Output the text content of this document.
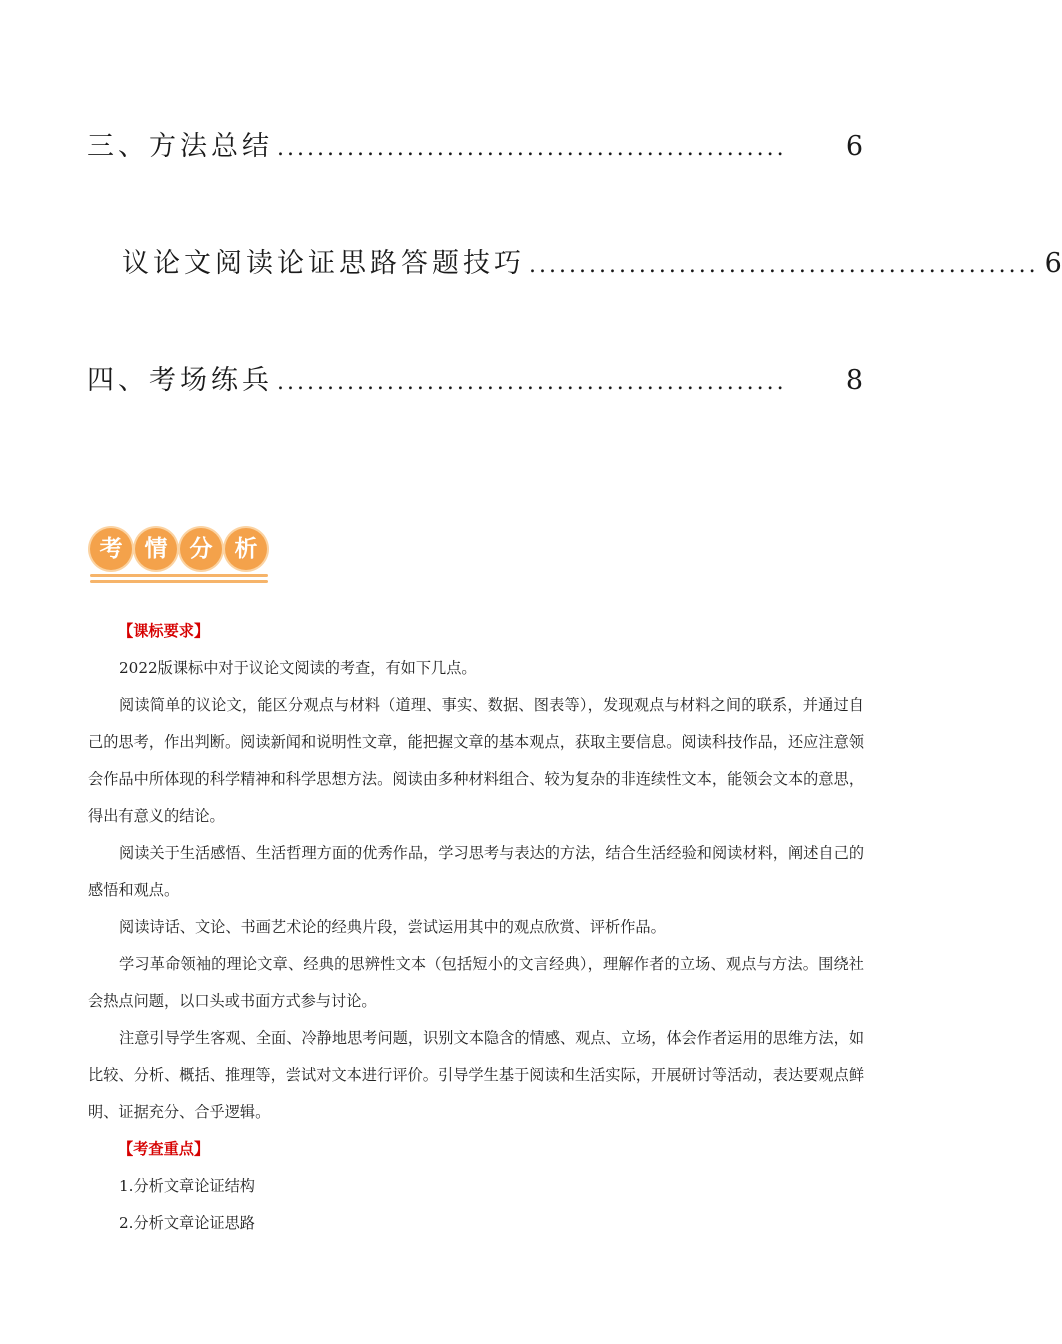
三、方法总结 ...................................................	6
议论文阅读论证思路答题技巧 ................................................... 6
四、考场练兵 ...................................................	8
考 情 分 析

【课标要求】

2022版课标中对于议论文阅读的考查，有如下几点。

阅读简单的议论文，能区分观点与材料（道理、事实、数据、图表等），发现观点与材料之间的联系，并通过自己的思考，作出判断。阅读新闻和说明性文章，能把握文章的基本观点，获取主要信息。阅读科技作品，还应注意领会作品中所体现的科学精神和科学思想方法。阅读由多种材料组合、较为复杂的非连续性文本，能领会文本的意思，得出有意义的结论。

阅读关于生活感悟、生活哲理方面的优秀作品，学习思考与表达的方法，结合生活经验和阅读材料，阐述自己的感悟和观点。

阅读诗话、文论、书画艺术论的经典片段，尝试运用其中的观点欣赏、评析作品。

学习革命领袖的理论文章、经典的思辨性文本（包括短小的文言经典），理解作者的立场、观点与方法。围绕社会热点问题，以口头或书面方式参与讨论。

注意引导学生客观、全面、冷静地思考问题，识别文本隐含的情感、观点、立场，体会作者运用的思维方法，如比较、分析、概括、推理等，尝试对文本进行评价。引导学生基于阅读和生活实际，开展研讨等活动，表达要观点鲜明、证据充分、合乎逻辑。

【考查重点】

1.分析文章论证结构

2.分析文章论证思路
